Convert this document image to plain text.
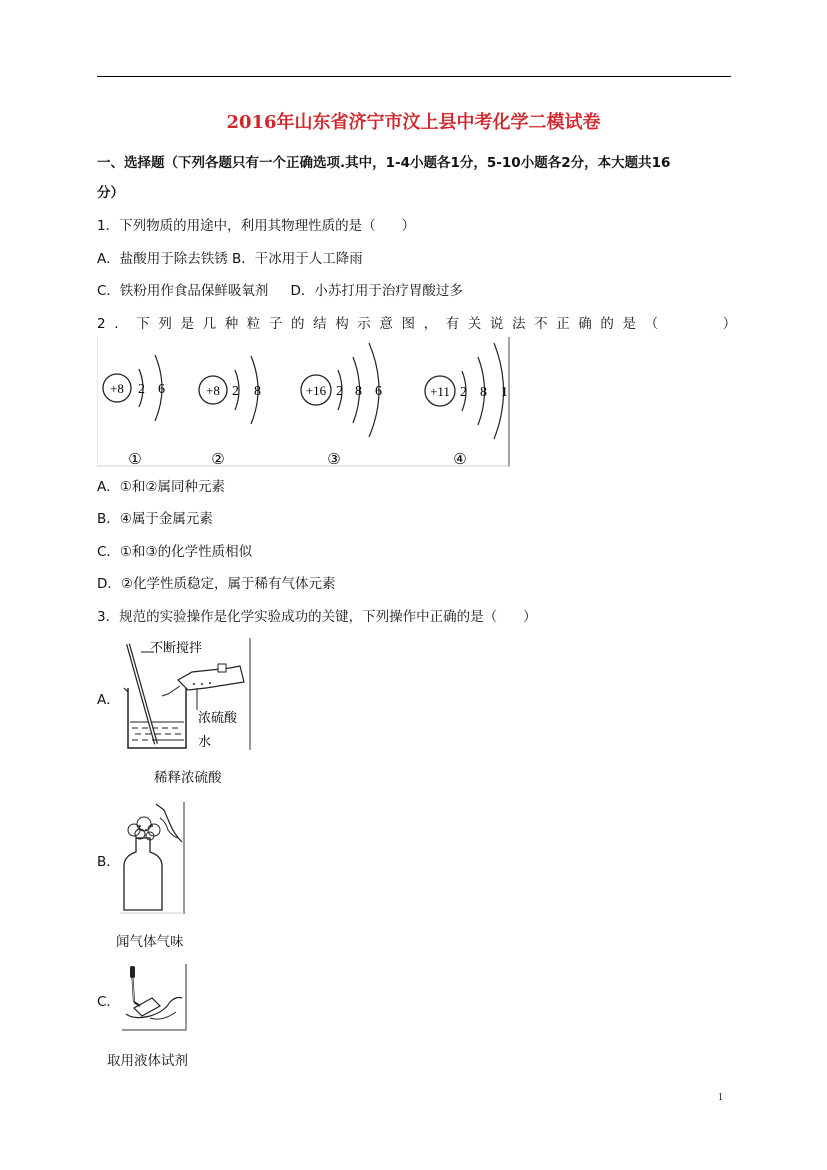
2016年山东省济宁市汶上县中考化学二模试卷
一、选择题（下列各题只有一个正确选项.其中，1-4小题各1分，5-10小题各2分，本大题共16
分）
1．下列物质的用途中，利用其物理性质的是（ ）
A．盐酸用于除去铁锈 B．干冰用于人工降雨
C．铁粉用作食品保鲜吸氧剂 D．小苏打用于治疗胃酸过多
2．下列是几种粒子的结构示意图，有关说法不正确的是（	）
+8 2 6
①
+8 2 8
②
+16 2 8 6
③
+11 2 8 1
④
A．①和②属同种元素
B．④属于金属元素
C．①和③的化学性质相似
D．②化学性质稳定，属于稀有气体元素
3．规范的实验操作是化学实验成功的关键，下列操作中正确的是（ ）
A．
不断搅拌
浓硫酸
水
稀释浓硫酸
B．
闻气体气味
C．
取用液体试剂
1
